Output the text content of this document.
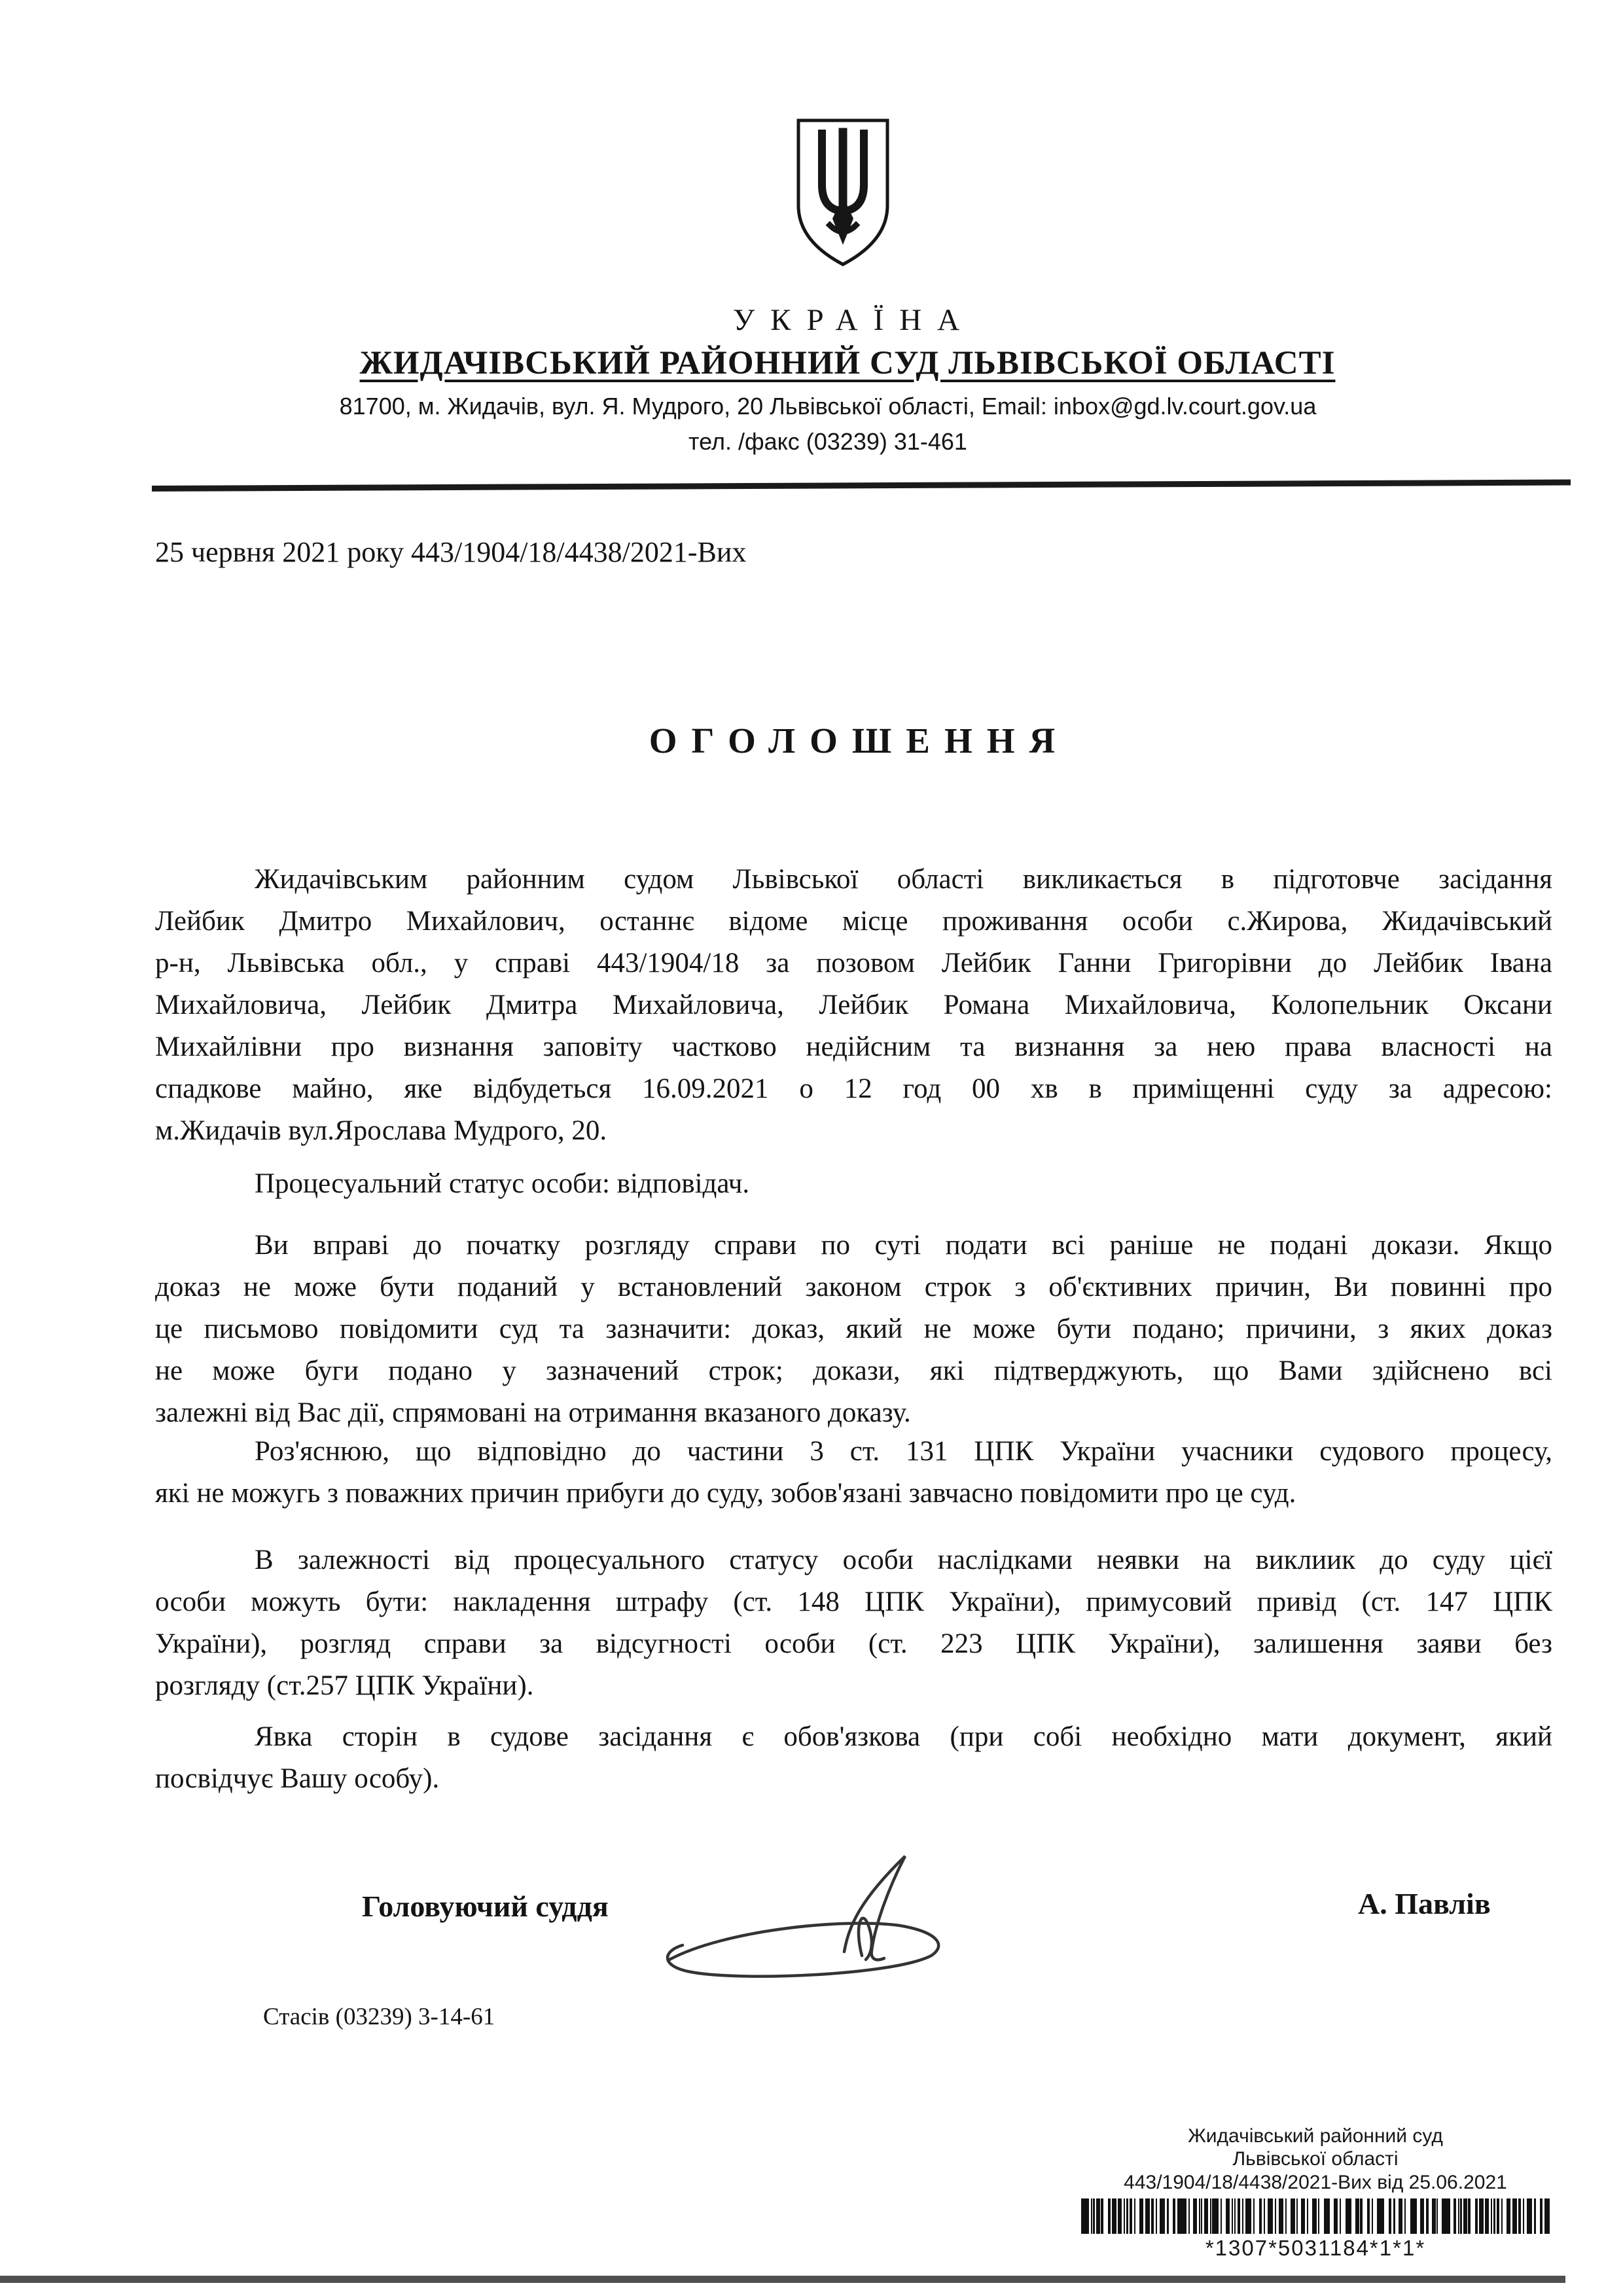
УКРАЇНА
ЖИДАЧІВСЬКИЙ РАЙОННИЙ СУД ЛЬВІВСЬКОЇ ОБЛАСТІ
81700, м. Жидачів, вул. Я. Мудрого, 20 Львівської області, Email: inbox@gd.lv.court.gov.ua
тел. /факс (03239) 31-461
25 червня 2021 року 443/1904/18/4438/2021-Вих
ОГОЛОШЕННЯ
Жидачівським районним судом Львівської області викликається в підготовче засідання
Лейбик Дмитро Михайлович, останнє відоме місце проживання особи с.Жирова, Жидачівський
р-н, Львівська обл., у справі 443/1904/18 за позовом Лейбик Ганни Григорівни до Лейбик Івана
Михайловича, Лейбик Дмитра Михайловича, Лейбик Романа Михайловича, Колопельник Оксани
Михайлівни про визнання заповіту частково недійсним та визнання за нею права власності на
спадкове майно, яке відбудеться 16.09.2021 о 12 год 00 хв в приміщенні суду за адресою:
м.Жидачів вул.Ярослава Мудрого, 20.
Процесуальний статус особи: відповідач.
Ви вправі до початку розгляду справи по суті подати всі раніше не подані докази. Якщо
доказ не може бути поданий у встановлений законом строк з об'єктивних причин, Ви повинні про
це письмово повідомити суд та зазначити: доказ, який не може бути подано; причини, з яких доказ
не може буги подано у зазначений строк; докази, які підтверджують, що Вами здійснено всі
залежні від Вас дії, спрямовані на отримання вказаного доказу.
Роз'яснюю, що відповідно до частини 3 ст. 131 ЦПК України учасники судового процесу,
які не можугь з поважних причин прибуги до суду, зобов'язані завчасно повідомити про це суд.
В залежності від процесуального статусу особи наслідками неявки на виклиик до суду цієї
особи можуть бути: накладення штрафу (ст. 148 ЦПК України), примусовий привід (ст. 147 ЦПК
України), розгляд справи за відсугності особи (ст. 223 ЦПК України), залишення заяви без
розгляду (ст.257 ЦПК України).
Явка сторін в судове засідання є обов'язкова (при собі необхідно мати документ, який
посвідчує Вашу особу).
Головуючий суддя	А. Павлів
Стасів (03239) 3-14-61
Жидачівський районний суд
Львівської області
443/1904/18/4438/2021-Вих від 25.06.2021
*1307*5031184*1*1*
